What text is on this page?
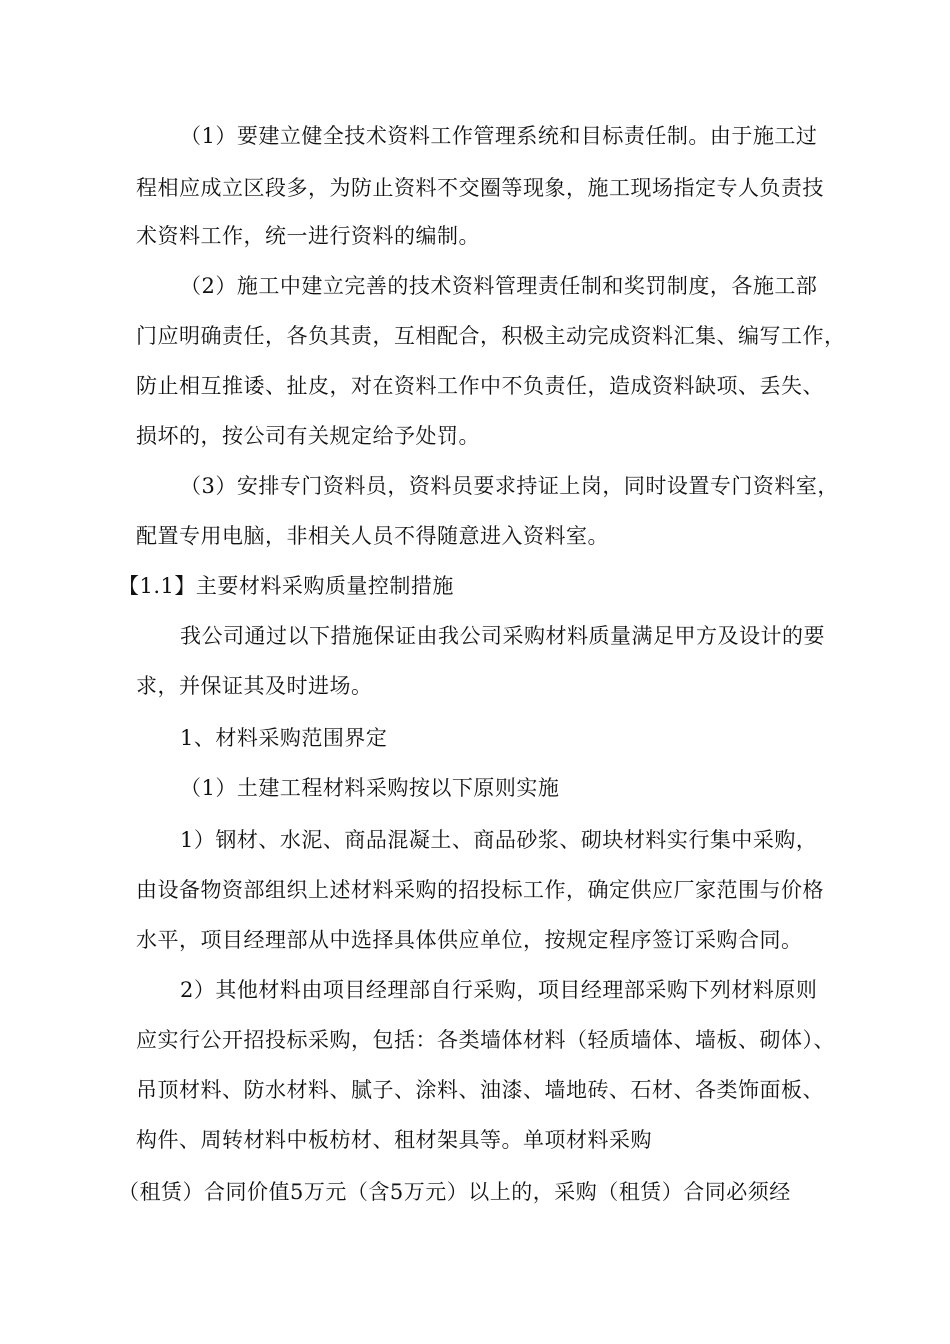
（1）要建立健全技术资料工作管理系统和目标责任制。由于施工过
程相应成立区段多，为防止资料不交圈等现象，施工现场指定专人负责技
术资料工作，统一进行资料的编制。
（2）施工中建立完善的技术资料管理责任制和奖罚制度，各施工部
门应明确责任，各负其责，互相配合，积极主动完成资料汇集、编写工作，
防止相互推诿、扯皮，对在资料工作中不负责任，造成资料缺项、丢失、
损坏的，按公司有关规定给予处罚。
（3）安排专门资料员，资料员要求持证上岗，同时设置专门资料室，
配置专用电脑，非相关人员不得随意进入资料室。
【1.1】主要材料采购质量控制措施
我公司通过以下措施保证由我公司采购材料质量满足甲方及设计的要
求，并保证其及时进场。
1、材料采购范围界定
（1）土建工程材料采购按以下原则实施
1）钢材、水泥、商品混凝土、商品砂浆、砌块材料实行集中采购，
由设备物资部组织上述材料采购的招投标工作，确定供应厂家范围与价格
水平，项目经理部从中选择具体供应单位，按规定程序签订采购合同。
2）其他材料由项目经理部自行采购，项目经理部采购下列材料原则
应实行公开招投标采购，包括：各类墙体材料（轻质墙体、墙板、砌体）、
吊顶材料、防水材料、腻子、涂料、油漆、墙地砖、石材、各类饰面板、
构件、周转材料中板枋材、租材架具等。单项材料采购
（租赁）合同价值5万元（含5万元）以上的，采购（租赁）合同必须经
